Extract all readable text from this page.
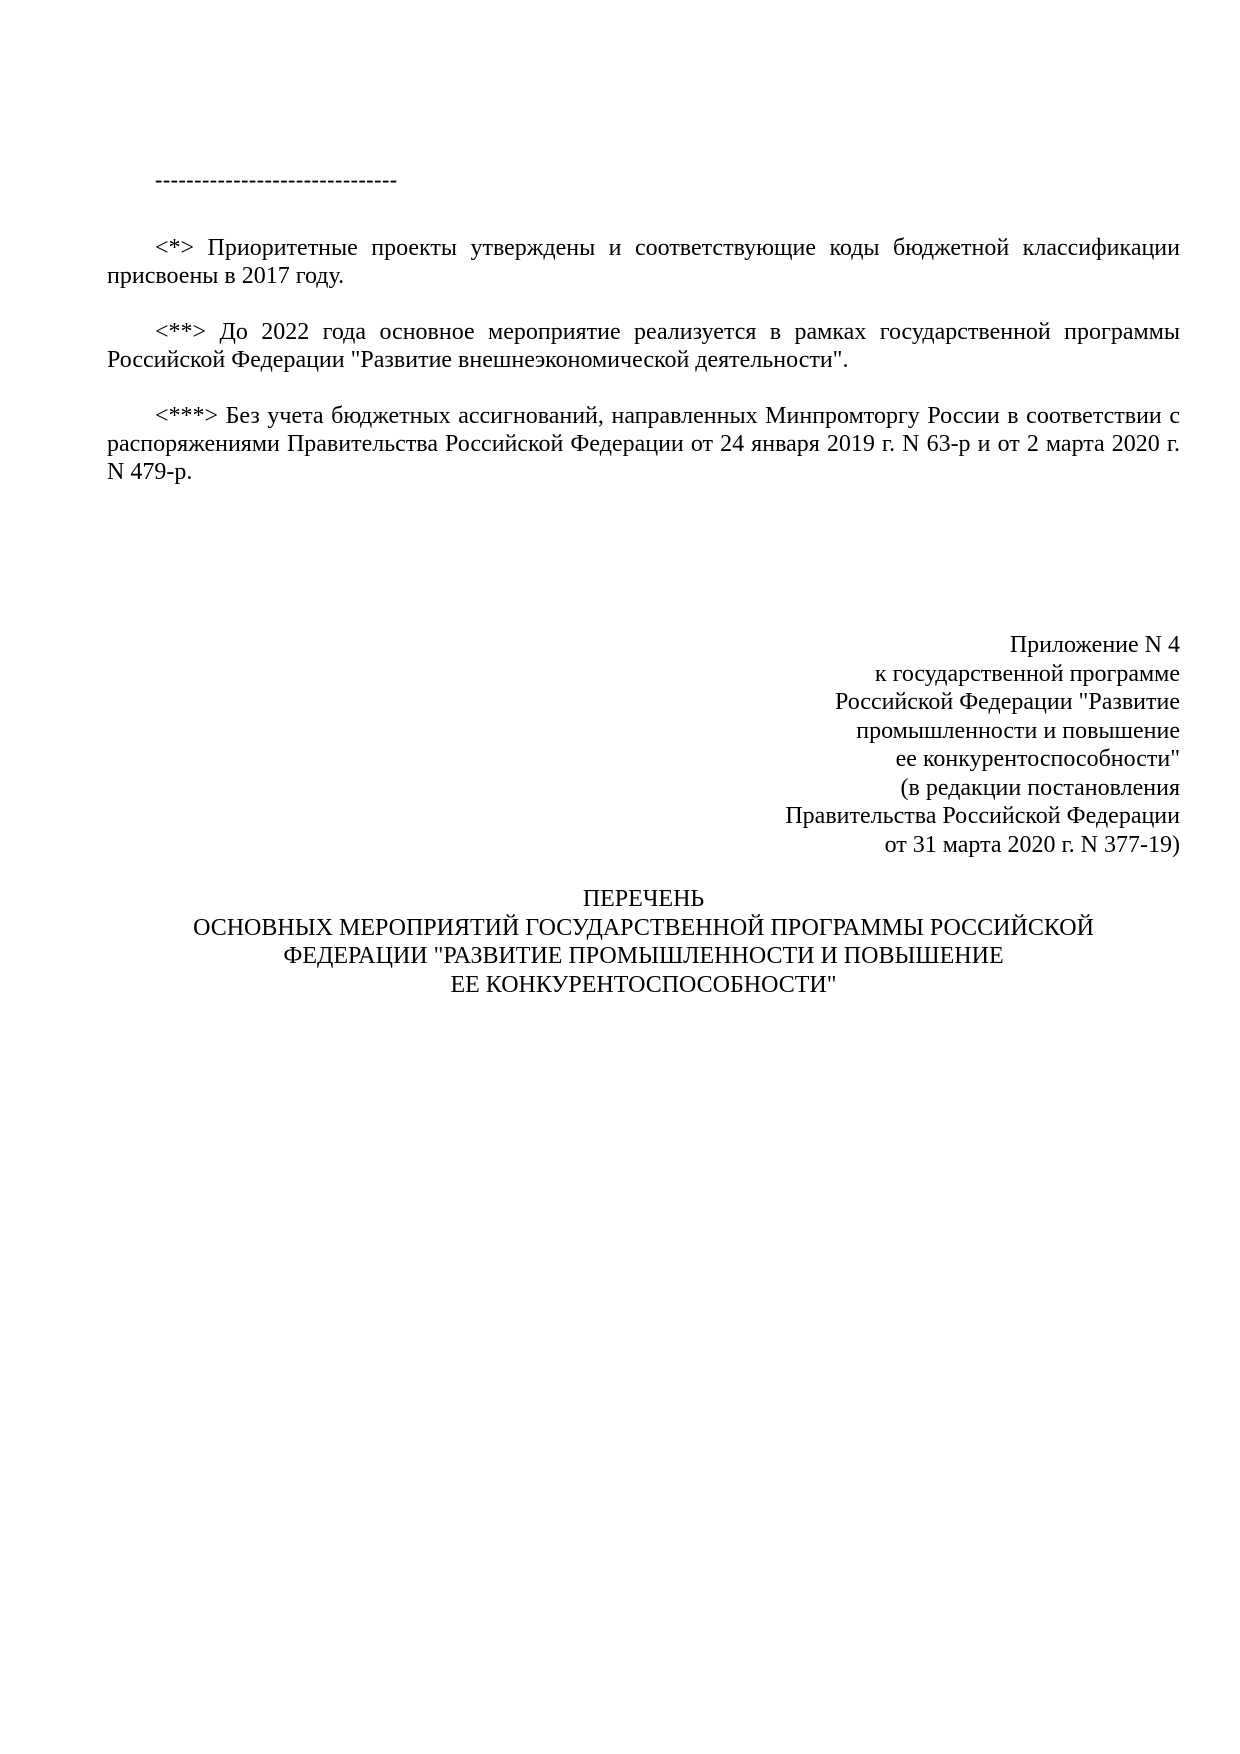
-------------------------------

<*> Приоритетные проекты утверждены и соответствующие коды бюджетной классификации присвоены в 2017 году.

<**> До 2022 года основное мероприятие реализуется в рамках государственной программы Российской Федерации "Развитие внешнеэкономической деятельности".

<***> Без учета бюджетных ассигнований, направленных Минпромторгу России в соответствии с распоряжениями Правительства Российской Федерации от 24 января 2019 г. N 63-р и от 2 марта 2020 г. N 479-р.

Приложение N 4
к государственной программе
Российской Федерации "Развитие
промышленности и повышение
ее конкурентоспособности"
(в редакции постановления
Правительства Российской Федерации
от 31 марта 2020 г. N 377-19)
ПЕРЕЧЕНЬ
ОСНОВНЫХ МЕРОПРИЯТИЙ ГОСУДАРСТВЕННОЙ ПРОГРАММЫ РОССИЙСКОЙ
ФЕДЕРАЦИИ "РАЗВИТИЕ ПРОМЫШЛЕННОСТИ И ПОВЫШЕНИЕ
ЕЕ КОНКУРЕНТОСПОСОБНОСТИ"
